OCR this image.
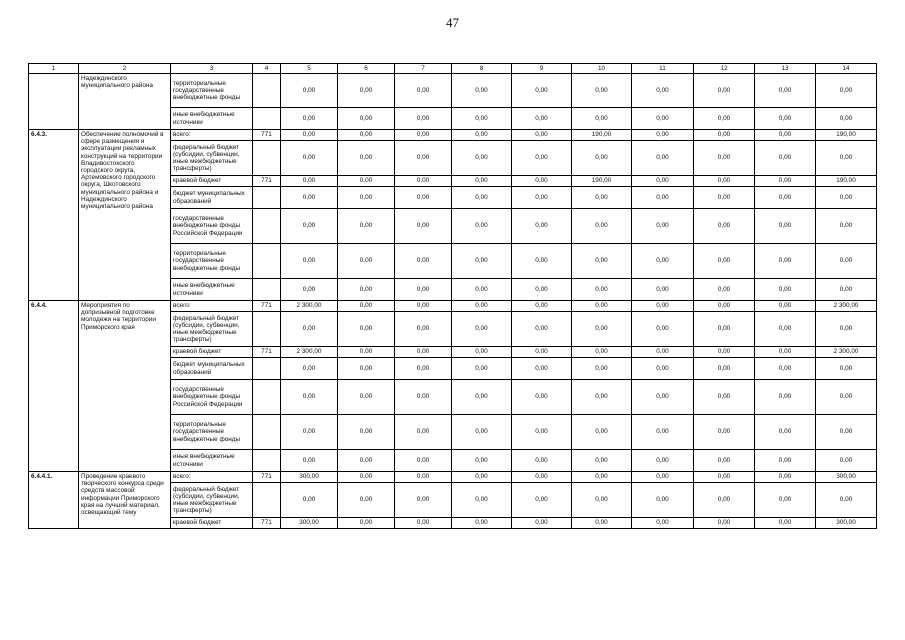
47
1	2	3	4	5	6	7	8	9	10	11	12	13	14
	Надеждинского муниципального района	территориальные государственные внебюджетные фонды		0,00	0,00	0,00	0,00	0,00	0,00	0,00	0,00	0,00	0,00
		иные внебюджетные источники		0,00	0,00	0,00	0,00	0,00	0,00	0,00	0,00	0,00	0,00
6.4.3.	Обеспечение полномочий в сфере размещения и эксплуатации рекламных конструкций на территории Владивостокского городского округа, Артемовского городского округа, Шкотовского муниципального района и Надеждинского муниципального района	всего:	771	0,00	0,00	0,00	0,00	0,00	190,00	0,00	0,00	0,00	190,00
		федеральный бюджет (субсидии, субвенции, иные межбюджетные трансферты)		0,00	0,00	0,00	0,00	0,00	0,00	0,00	0,00	0,00	0,00
		краевой бюджет	771	0,00	0,00	0,00	0,00	0,00	190,00	0,00	0,00	0,00	190,00
		бюджет муниципальных образований		0,00	0,00	0,00	0,00	0,00	0,00	0,00	0,00	0,00	0,00
		государственные внебюджетные фонды Российской Федерации		0,00	0,00	0,00	0,00	0,00	0,00	0,00	0,00	0,00	0,00
		территориальные государственные внебюджетные фонды		0,00	0,00	0,00	0,00	0,00	0,00	0,00	0,00	0,00	0,00
		иные внебюджетные источники		0,00	0,00	0,00	0,00	0,00	0,00	0,00	0,00	0,00	0,00
6.4.4.	Мероприятия по допризывной подготовке молодежи на территории Приморского края	всего:	771	2 300,00	0,00	0,00	0,00	0,00	0,00	0,00	0,00	0,00	2 300,00
		федеральный бюджет (субсидии, субвенции, иные межбюджетные трансферты)		0,00	0,00	0,00	0,00	0,00	0,00	0,00	0,00	0,00	0,00
		краевой бюджет	771	2 300,00	0,00	0,00	0,00	0,00	0,00	0,00	0,00	0,00	2 300,00
		бюджет муниципальных образований		0,00	0,00	0,00	0,00	0,00	0,00	0,00	0,00	0,00	0,00
		государственные внебюджетные фонды Российской Федерации		0,00	0,00	0,00	0,00	0,00	0,00	0,00	0,00	0,00	0,00
		территориальные государственные внебюджетные фонды		0,00	0,00	0,00	0,00	0,00	0,00	0,00	0,00	0,00	0,00
		иные внебюджетные источники		0,00	0,00	0,00	0,00	0,00	0,00	0,00	0,00	0,00	0,00
6.4.4.1.	Проведение краевого творческого конкурса среди средств массовой информации Приморского края на лучший материал, освещающий тему	всего:	771	300,00	0,00	0,00	0,00	0,00	0,00	0,00	0,00	0,00	300,00
		федеральный бюджет (субсидии, субвенции, иные межбюджетные трансферты)		0,00	0,00	0,00	0,00	0,00	0,00	0,00	0,00	0,00	0,00
		краевой бюджет	771	300,00	0,00	0,00	0,00	0,00	0,00	0,00	0,00	0,00	300,00
